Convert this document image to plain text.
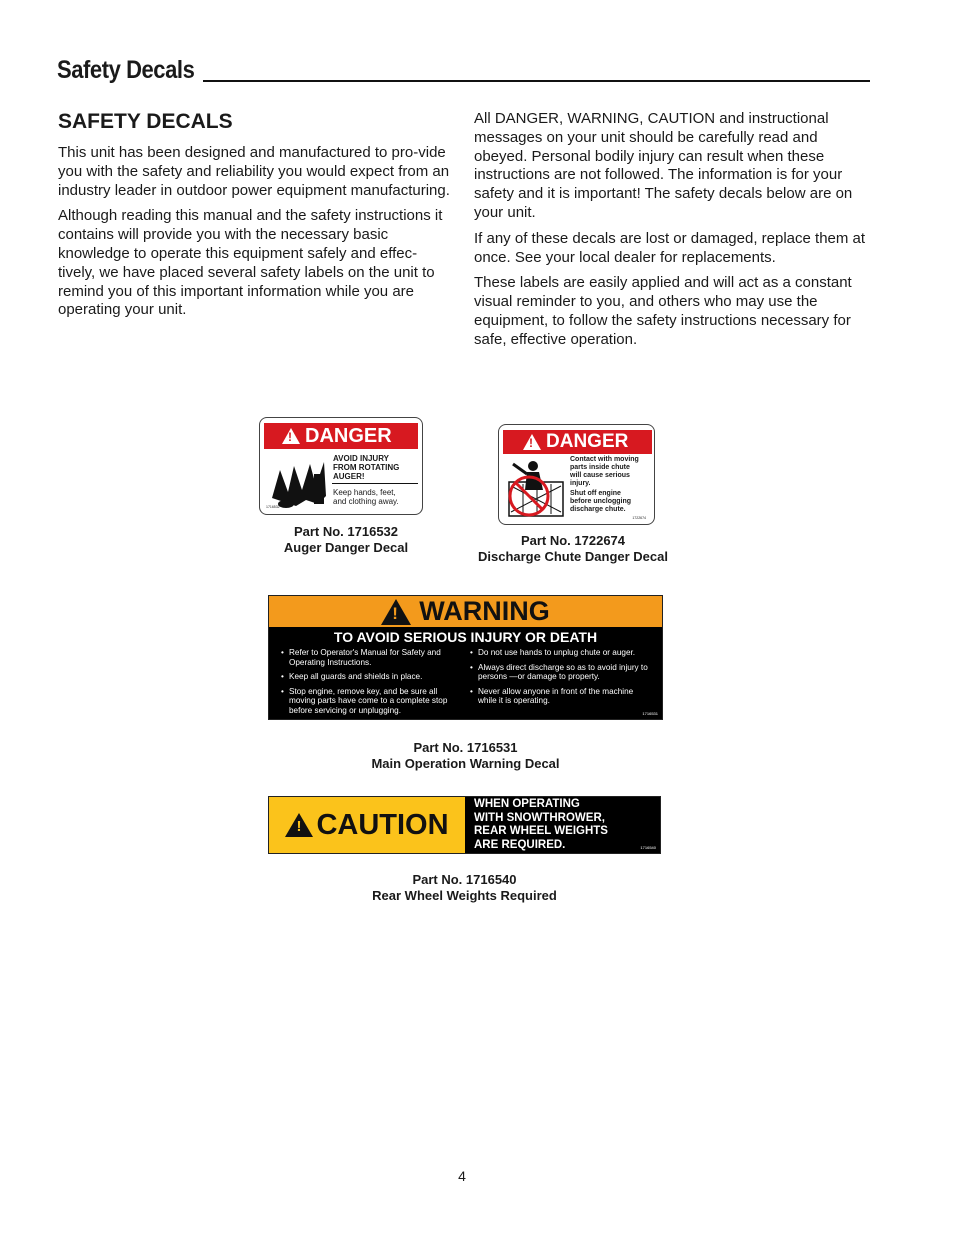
Safety Decals
SAFETY DECALS

This unit has been designed and manufactured to pro-vide you with the safety and reliability you would expect from an industry leader in outdoor power equipment manufacturing.

Although reading this manual and the safety instructions it contains will provide you with the necessary basic knowledge to operate this equipment safely and effec-tively, we have placed several safety labels on the unit to remind you of this important information while you are operating your unit.

All DANGER, WARNING, CAUTION and instructional messages on your unit should be carefully read and obeyed. Personal bodily injury can result when these instructions are not followed. The information is for your safety and it is important! The safety decals below are on your unit.

If any of these decals are lost or damaged, replace them at once. See your local dealer for replacements.

These labels are easily applied and will act as a constant visual reminder to you, and others who may use the equipment, to follow the safety instructions necessary for safe, effective operation.

!
DANGER
AVOID INJURY
FROM ROTATING
AUGER!
Keep hands, feet,
and clothing away.
1716532
Part No. 1716532
Auger Danger Decal
!
DANGER
Contact with moving
parts inside chute
will cause serious
injury.
Shut off engine
before unclogging
discharge chute.
1722674
Part No. 1722674
Discharge Chute Danger Decal
!
WARNING
TO AVOID SERIOUS INJURY OR DEATH
• Refer to Operator's Manual for Safety and Operating Instructions.
• Keep all guards and shields in place.
• Stop engine, remove key, and be sure all moving parts have come to a complete stop before servicing or unplugging.
• Do not use hands to unplug chute or auger.
• Always direct discharge so as to avoid injury to persons —or damage to property.
• Never allow anyone in front of the machine while it is operating.
1716531
Part No. 1716531
Main Operation Warning Decal
!
CAUTION
WHEN OPERATING
WITH SNOWTHROWER,
REAR WHEEL WEIGHTS
ARE REQUIRED.	1716540
Part No. 1716540
Rear Wheel Weights Required
4
